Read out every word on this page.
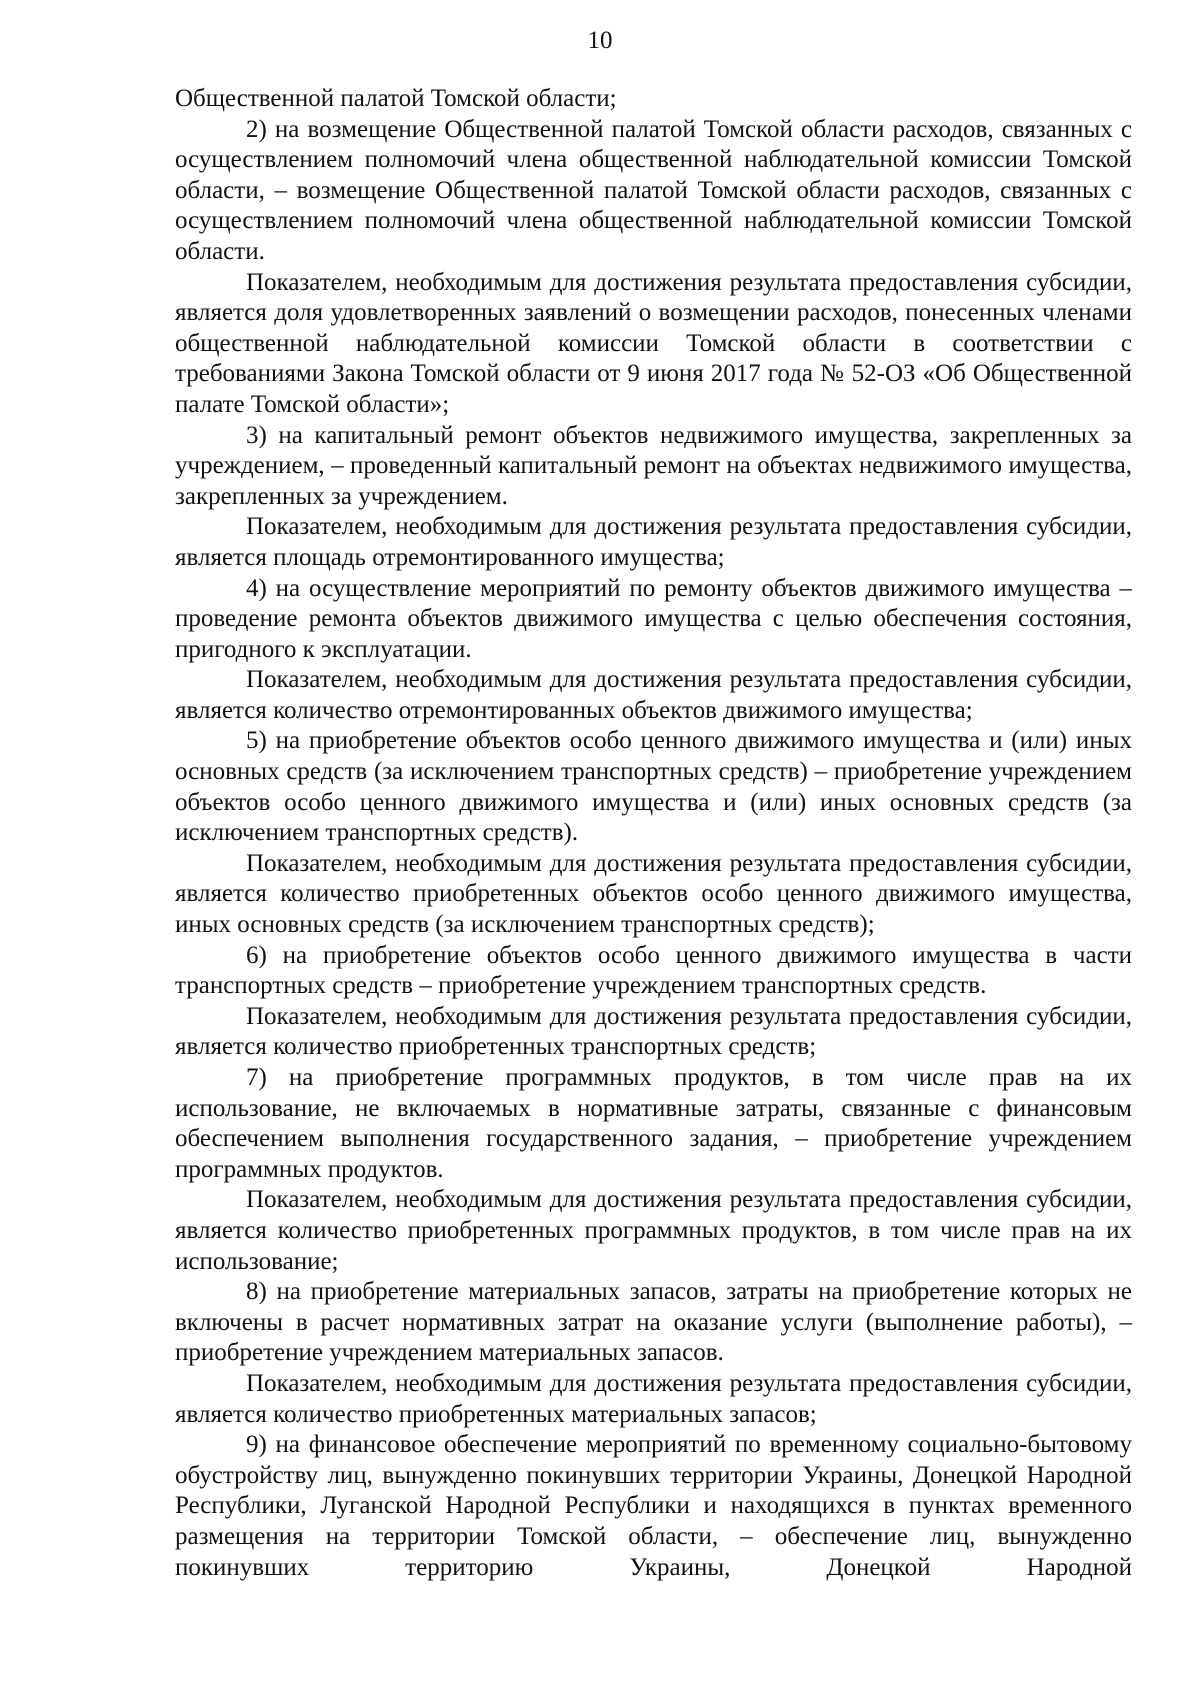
10

Общественной палатой Томской области;

2) на возмещение Общественной палатой Томской области расходов, связанных с осуществлением полномочий члена общественной наблюдательной комиссии Томской области, – возмещение Общественной палатой Томской области расходов, связанных с осуществлением полномочий члена общественной наблюдательной комиссии Томской области.

Показателем, необходимым для достижения результата предоставления субсидии, является доля удовлетворенных заявлений о возмещении расходов, понесенных членами общественной наблюдательной комиссии Томской области в соответствии с требованиями Закона Томской области от 9 июня 2017 года № 52-ОЗ «Об Общественной палате Томской области»;

3) на капитальный ремонт объектов недвижимого имущества, закрепленных за учреждением, – проведенный капитальный ремонт на объектах недвижимого имущества, закрепленных за учреждением.

Показателем, необходимым для достижения результата предоставления субсидии, является площадь отремонтированного имущества;

4) на осуществление мероприятий по ремонту объектов движимого имущества – проведение ремонта объектов движимого имущества с целью обеспечения состояния, пригодного к эксплуатации.

Показателем, необходимым для достижения результата предоставления субсидии, является количество отремонтированных объектов движимого имущества;

5) на приобретение объектов особо ценного движимого имущества и (или) иных основных средств (за исключением транспортных средств) – приобретение учреждением объектов особо ценного движимого имущества и (или) иных основных средств (за исключением транспортных средств).

Показателем, необходимым для достижения результата предоставления субсидии, является количество приобретенных объектов особо ценного движимого имущества, иных основных средств (за исключением транспортных средств);

6) на приобретение объектов особо ценного движимого имущества в части транспортных средств – приобретение учреждением транспортных средств.

Показателем, необходимым для достижения результата предоставления субсидии, является количество приобретенных транспортных средств;

7) на приобретение программных продуктов, в том числе прав на их использование, не включаемых в нормативные затраты, связанные с финансовым обеспечением выполнения государственного задания, – приобретение учреждением программных продуктов.

Показателем, необходимым для достижения результата предоставления субсидии, является количество приобретенных программных продуктов, в том числе прав на их использование;

8) на приобретение материальных запасов, затраты на приобретение которых не включены в расчет нормативных затрат на оказание услуги (выполнение работы), – приобретение учреждением материальных запасов.

Показателем, необходимым для достижения результата предоставления субсидии, является количество приобретенных материальных запасов;

9) на финансовое обеспечение мероприятий по временному социально-бытовому обустройству лиц, вынужденно покинувших территории Украины, Донецкой Народной Республики, Луганской Народной Республики и находящихся в пунктах временного размещения на территории Томской области, – обеспечение лиц, вынужденно покинувших территорию Украины, Донецкой Народной
